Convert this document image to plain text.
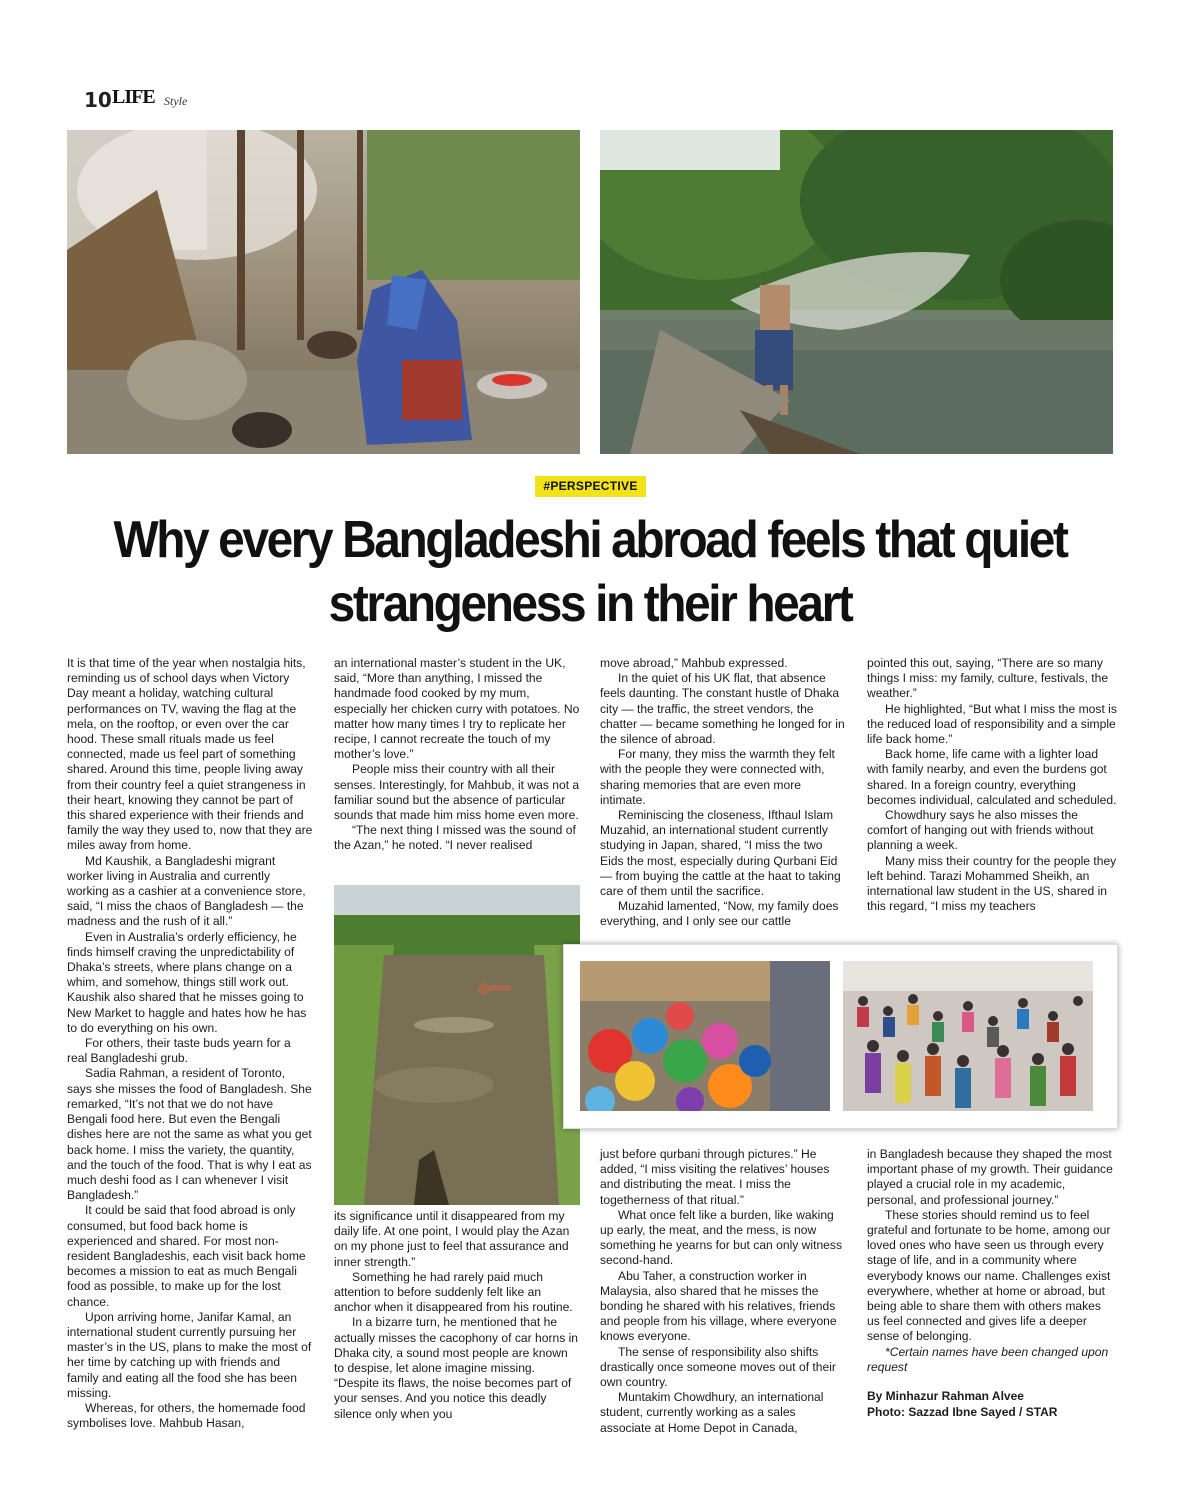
10 LIFE Style
#PERSPECTIVE
Why every Bangladeshi abroad feels that quiet strangeness in their heart

It is that time of the year when nostalgia hits, reminding us of school days when Victory Day meant a holiday, watching cultural performances on TV, waving the flag at the mela, on the rooftop, or even over the car hood. These small rituals made us feel connected, made us feel part of something shared. Around this time, people living away from their country feel a quiet strangeness in their heart, knowing they cannot be part of this shared experience with their friends and family the way they used to, now that they are miles away from home.

Md Kaushik, a Bangladeshi migrant worker living in Australia and currently working as a cashier at a convenience store, said, “I miss the chaos of Bangladesh — the madness and the rush of it all.”

Even in Australia’s orderly efficiency, he finds himself craving the unpredictability of Dhaka’s streets, where plans change on a whim, and somehow, things still work out. Kaushik also shared that he misses going to New Market to haggle and hates how he has to do everything on his own.

For others, their taste buds yearn for a real Bangladeshi grub.

Sadia Rahman, a resident of Toronto, says she misses the food of Bangladesh. She remarked, “It’s not that we do not have Bengali food here. But even the Bengali dishes here are not the same as what you get back home. I miss the variety, the quantity, and the touch of the food. That is why I eat as much deshi food as I can whenever I visit Bangladesh.”

It could be said that food abroad is only consumed, but food back home is experienced and shared. For most non-resident Bangladeshis, each visit back home becomes a mission to eat as much Bengali food as possible, to make up for the lost chance.

Upon arriving home, Janifar Kamal, an international student currently pursuing her master’s in the US, plans to make the most of her time by catching up with friends and family and eating all the food she has been missing.

Whereas, for others, the homemade food symbolises love. Mahbub Hasan,

an international master’s student in the UK, said, “More than anything, I missed the handmade food cooked by my mum, especially her chicken curry with potatoes. No matter how many times I try to replicate her recipe, I cannot recreate the touch of my mother’s love.”

People miss their country with all their senses. Interestingly, for Mahbub, it was not a familiar sound but the absence of particular sounds that made him miss home even more.

“The next thing I missed was the sound of the Azan,” he noted. “I never realised

its significance until it disappeared from my daily life. At one point, I would play the Azan on my phone just to feel that assurance and inner strength.”

Something he had rarely paid much attention to before suddenly felt like an anchor when it disappeared from his routine.

In a bizarre turn, he mentioned that he actually misses the cacophony of car horns in Dhaka city, a sound most people are known to despise, let alone imagine missing. “Despite its flaws, the noise becomes part of your senses. And you notice this deadly silence only when you

move abroad,” Mahbub expressed.

In the quiet of his UK flat, that absence feels daunting. The constant hustle of Dhaka city — the traffic, the street vendors, the chatter — became something he longed for in the silence of abroad.

For many, they miss the warmth they felt with the people they were connected with, sharing memories that are even more intimate.

Reminiscing the closeness, Ifthaul Islam Muzahid, an international student currently studying in Japan, shared, “I miss the two Eids the most, especially during Qurbani Eid — from buying the cattle at the haat to taking care of them until the sacrifice.

Muzahid lamented, “Now, my family does everything, and I only see our cattle

pointed this out, saying, “There are so many things I miss: my family, culture, festivals, the weather.”

He highlighted, “But what I miss the most is the reduced load of responsibility and a simple life back home.”

Back home, life came with a lighter load with family nearby, and even the burdens got shared. In a foreign country, everything becomes individual, calculated and scheduled.

Chowdhury says he also misses the comfort of hanging out with friends without planning a week.

Many miss their country for the people they left behind. Tarazi Mohammed Sheikh, an international law student in the US, shared in this regard, “I miss my teachers

just before qurbani through pictures.” He added, “I miss visiting the relatives’ houses and distributing the meat. I miss the togetherness of that ritual.”

What once felt like a burden, like waking up early, the meat, and the mess, is now something he yearns for but can only witness second-hand.

Abu Taher, a construction worker in Malaysia, also shared that he misses the bonding he shared with his relatives, friends and people from his village, where everyone knows everyone.

The sense of responsibility also shifts drastically once someone moves out of their own country.

Muntakim Chowdhury, an international student, currently working as a sales associate at Home Depot in Canada,

in Bangladesh because they shaped the most important phase of my growth. Their guidance played a crucial role in my academic, personal, and professional journey.”

These stories should remind us to feel grateful and fortunate to be home, among our loved ones who have seen us through every stage of life, and in a community where everybody knows our name. Challenges exist everywhere, whether at home or abroad, but being able to share them with others makes us feel connected and gives life a deeper sense of belonging.

*Certain names have been changed upon request

By Minhazur Rahman Alvee
Photo: Sazzad Ibne Sayed / STAR
